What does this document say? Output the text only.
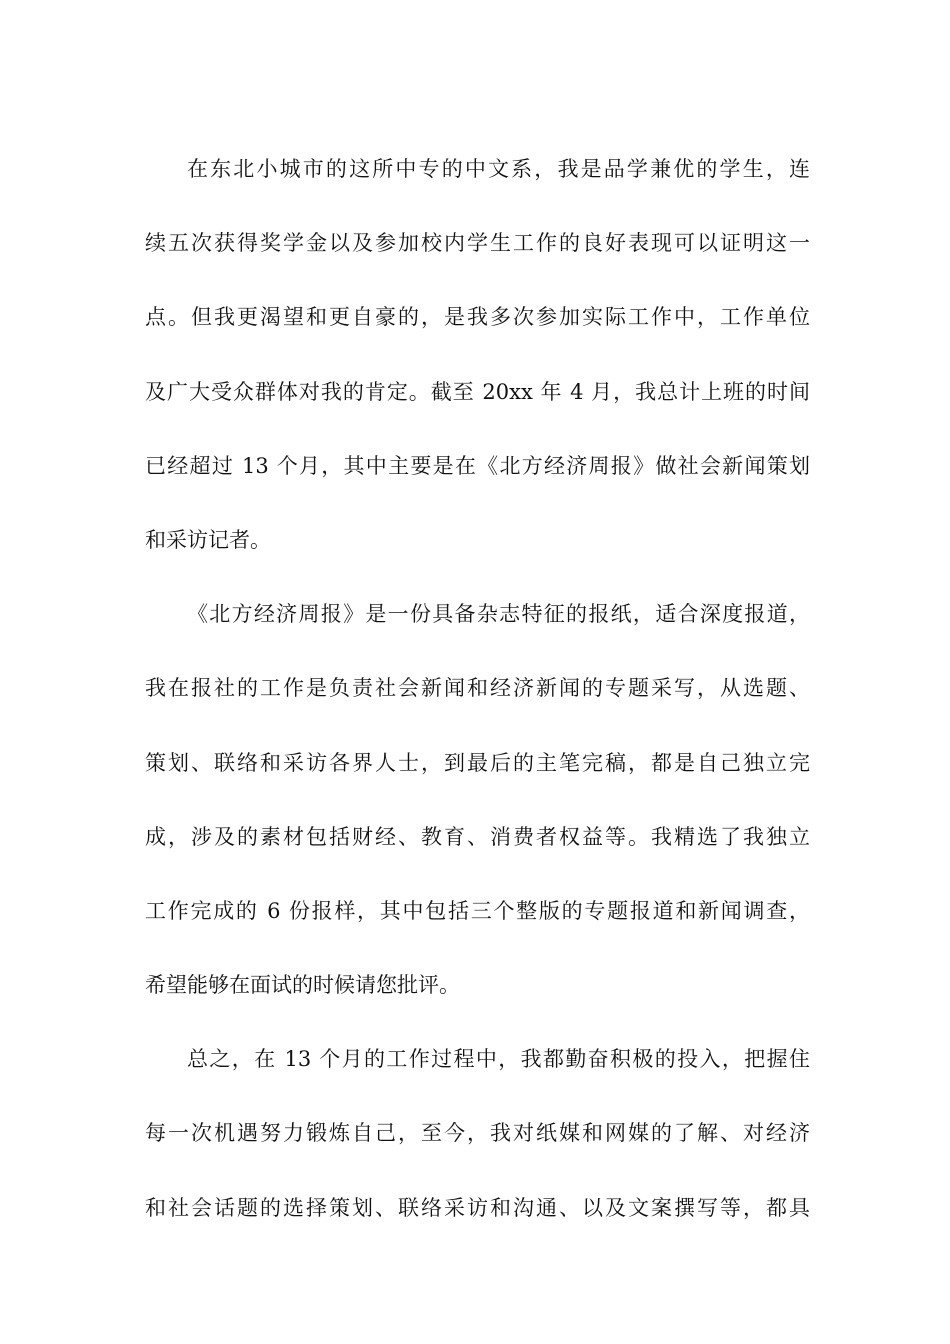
在东北小城市的这所中专的中文系，我是品学兼优的学生，连
续五次获得奖学金以及参加校内学生工作的良好表现可以证明这一
点。但我更渴望和更自豪的，是我多次参加实际工作中，工作单位
及广大受众群体对我的肯定。截至 20xx 年 4 月，我总计上班的时间
已经超过 13 个月，其中主要是在《北方经济周报》做社会新闻策划
和采访记者。
《北方经济周报》是一份具备杂志特征的报纸，适合深度报道，
我在报社的工作是负责社会新闻和经济新闻的专题采写，从选题、
策划、联络和采访各界人士，到最后的主笔完稿，都是自己独立完
成，涉及的素材包括财经、教育、消费者权益等。我精选了我独立
工作完成的 6 份报样，其中包括三个整版的专题报道和新闻调查，
希望能够在面试的时候请您批评。
总之，在 13 个月的工作过程中，我都勤奋积极的投入，把握住
每一次机遇努力锻炼自己，至今，我对纸媒和网媒的了解、对经济
和社会话题的选择策划、联络采访和沟通、以及文案撰写等，都具
